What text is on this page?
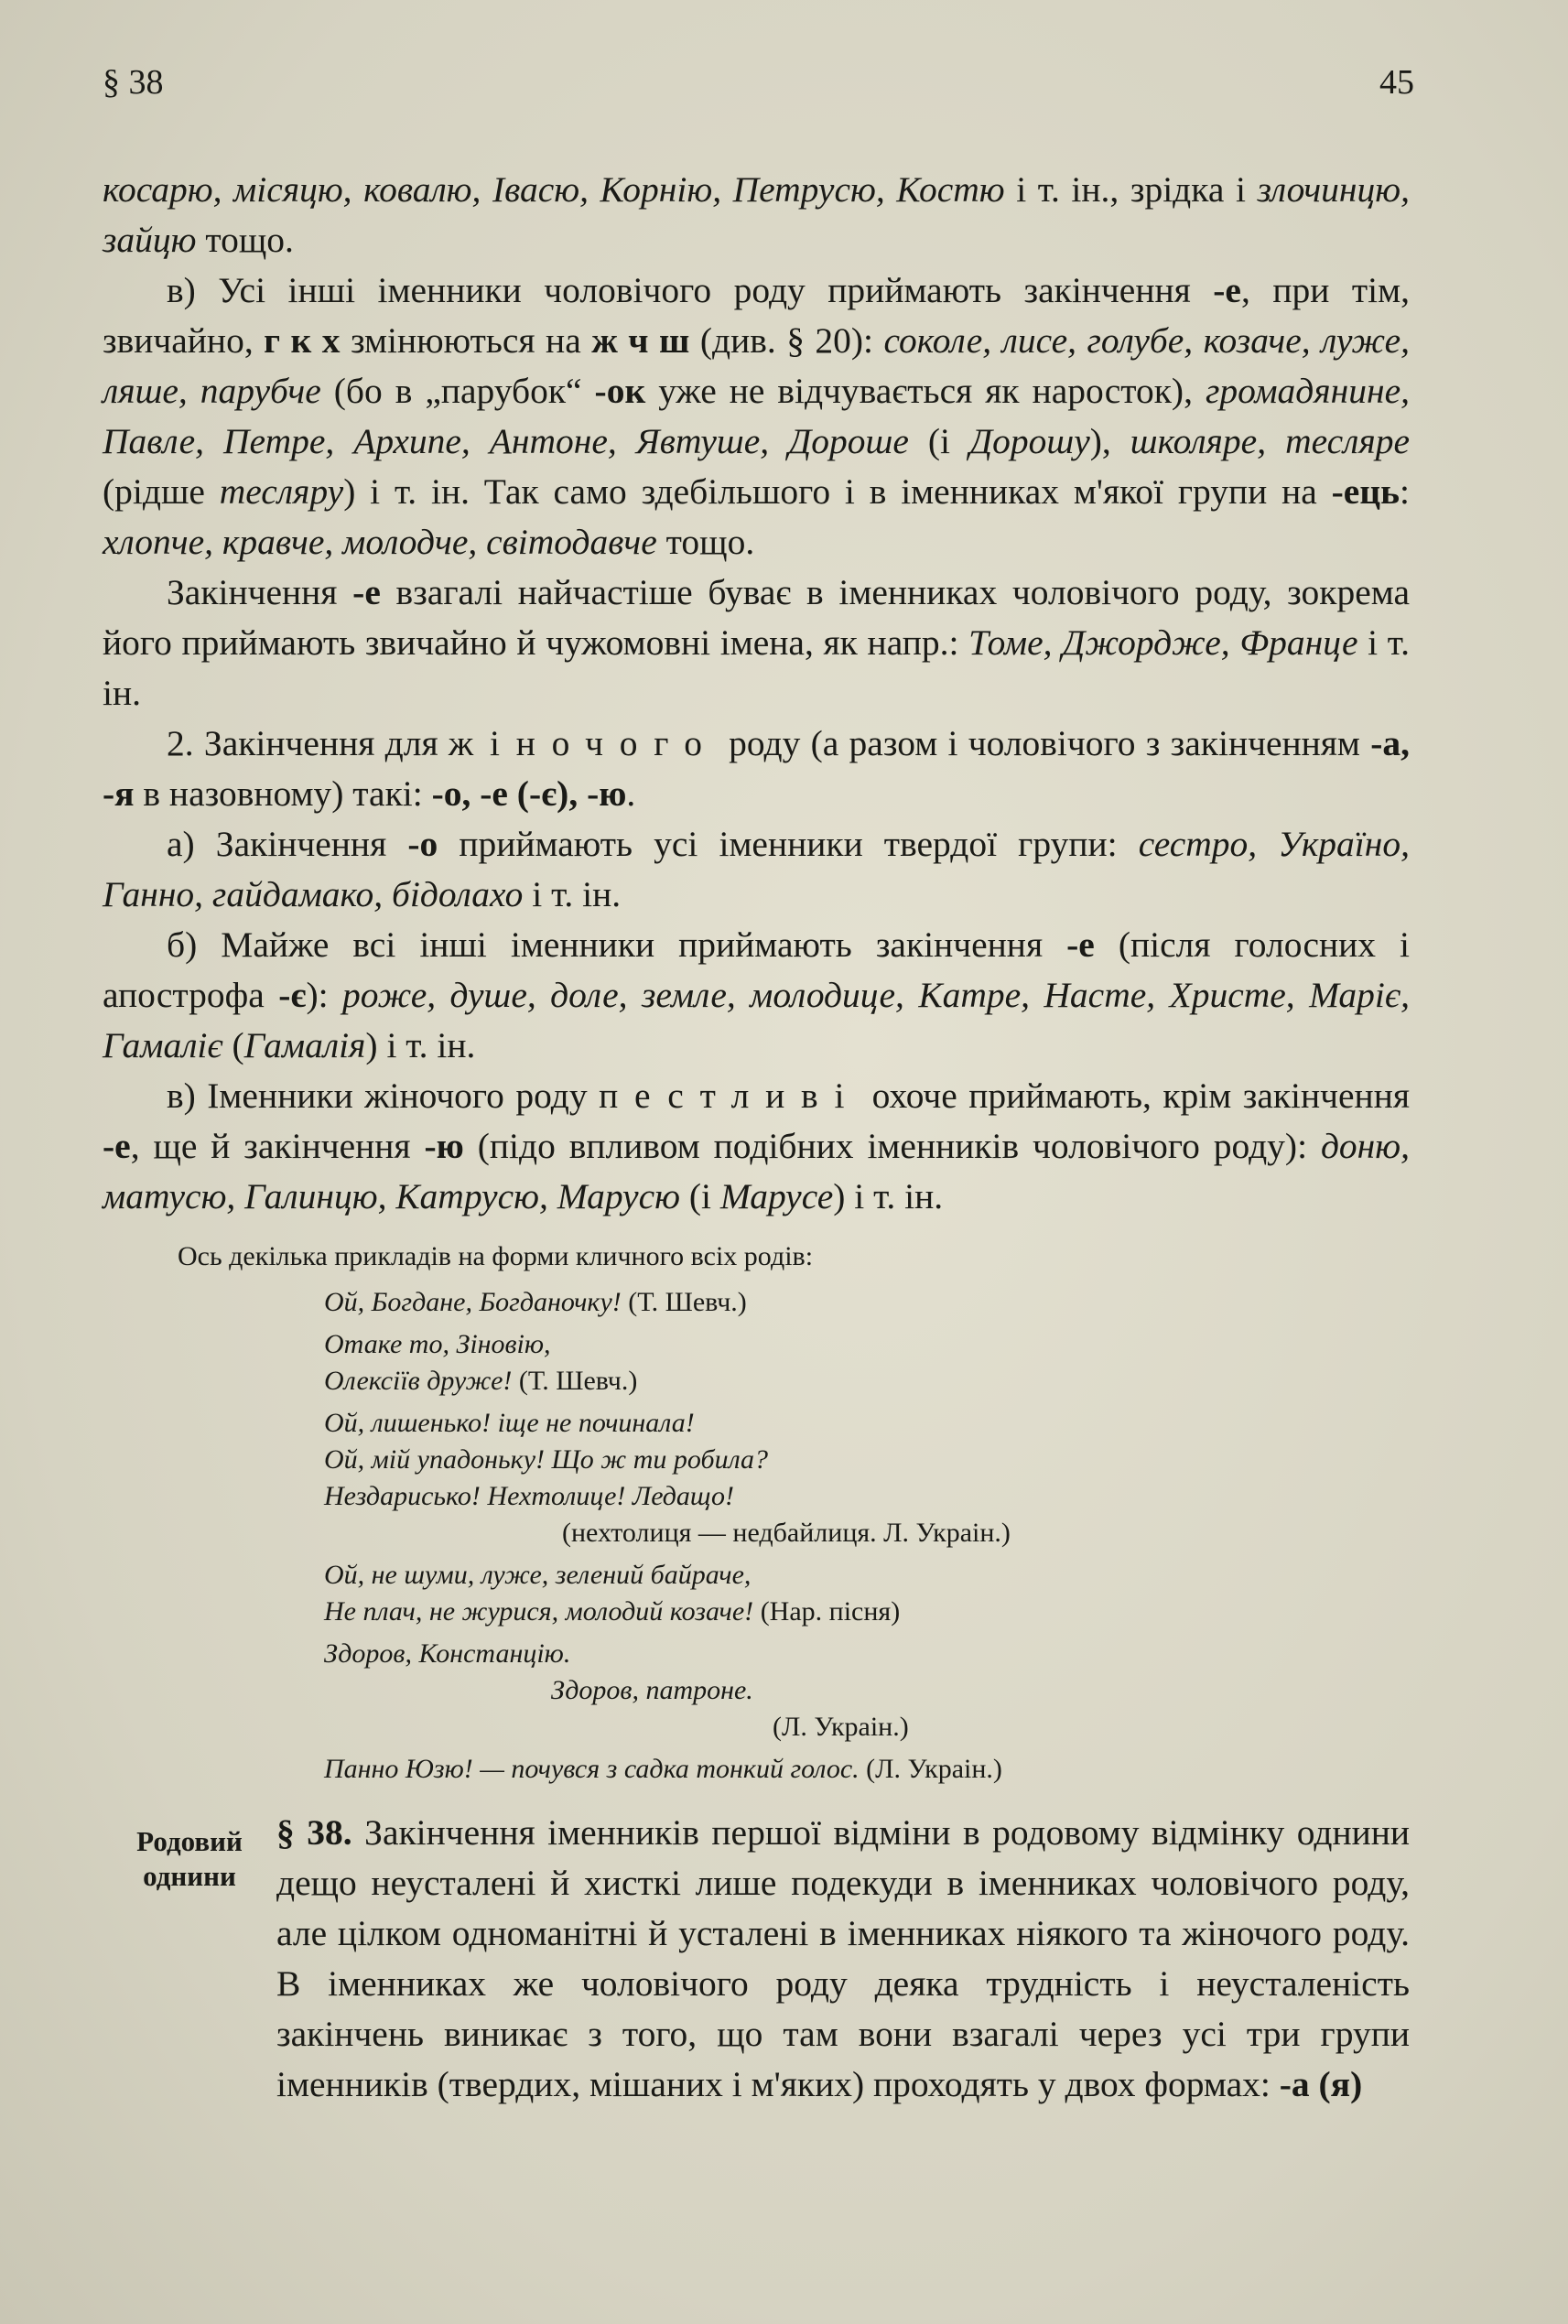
§ 38	45

косарю, місяцю, ковалю, Івасю, Корнію, Петрусю, Костю і т. ін., зрідка і злочинцю, зайцю тощо.

в) Усі інші іменники чоловічого роду приймають закінчення -е, при тім, звичайно, г к х змінюються на ж ч ш (див. § 20): соколе, лисе, голубе, козаче, луже, ляше, парубче (бо в „парубок“ -ок уже не відчувається як наросток), громадянине, Павле, Петре, Архипе, Антоне, Явтуше, Дороше (і Дорошу), школяре, тесляре (рідше тесляру) і т. ін. Так само здебільшого і в іменниках м'якої групи на -ець: хлопче, кравче, молодче, світодавче тощо.

Закінчення -е взагалі найчастіше буває в іменниках чоловічого роду, зокрема його приймають звичайно й чужомовні імена, як напр.: Томе, Джордже, Франце і т. ін.

2. Закінчення для жіночого роду (а разом і чоловічого з закінченням -а, -я в назовному) такі: -о, -е (-є), -ю.

а) Закінчення -о приймають усі іменники твердої групи: сестро, Україно, Ганно, гайдамако, бідолахо і т. ін.

б) Майже всі інші іменники приймають закінчення -е (після голосних і апострофа -є): роже, душе, доле, земле, молодице, Катре, Насте, Христе, Маріє, Гамаліє (Гамалія) і т. ін.

в) Іменники жіночого роду пестливі охоче приймають, крім закінчення -е, ще й закінчення -ю (підо впливом подібних іменників чоловічого роду): доню, матусю, Галинцю, Катрусю, Марусю (і Марусе) і т. ін.

Ось декілька прикладів на форми кличного всіх родів:
Ой, Богдане, Богданочку! (Т. Шевч.)
Отаке то, Зіновію,
Олексіїв друже! (Т. Шевч.)
Ой, лишенько! іще не починала!
Ой, мій упадоньку! Що ж ти робила?
Нездарисько! Нехтолице! Ледащо!
(нехтолиця — недбайлиця. Л. Украін.)
Ой, не шуми, луже, зелений байраче,
Не плач, не журися, молодий козаче! (Нар. пісня)
Здоров, Констанцію.
Здоров, патроне.
(Л. Украін.)
Панно Юзю! — почувся з садка тонкий голос. (Л. Украін.)
Родовий
однини

§ 38. Закінчення іменників першої відміни в родовому відмінку однини дещо неусталені й хисткі лише подекуди в іменниках чоловічого роду, але цілком одноманітні й усталені в іменниках ніякого та жіночого роду. В іменниках же чоловічого роду деяка трудність і неусталеність закінчень виникає з того, що там вони взагалі через усі три групи іменників (твердих, мішаних і м'яких) проходять у двох формах: -а (я)
